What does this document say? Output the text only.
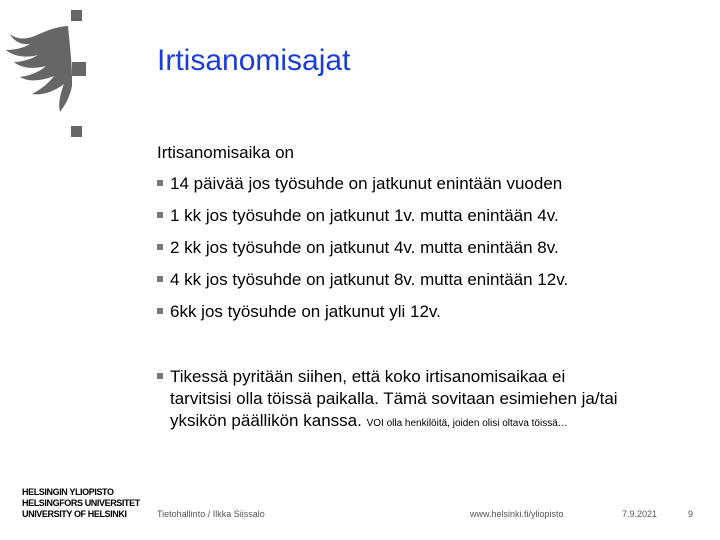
Irtisanomisajat
Irtisanomisaika on
14 päivää jos työsuhde on jatkunut enintään vuoden
1 kk jos työsuhde on jatkunut 1v. mutta enintään 4v.
2 kk jos työsuhde on jatkunut 4v. mutta enintään 8v.
4 kk jos työsuhde on jatkunut 8v. mutta enintään 12v.
6kk jos työsuhde on jatkunut yli 12v.
Tikessä pyritään siihen, että koko irtisanomisaikaa ei
tarvitsisi olla töissä paikalla. Tämä sovitaan esimiehen ja/tai
yksikön päällikön kanssa. VOI olla henkilöitä, joiden olisi oltava töissä…
HELSINGIN YLIOPISTO
HELSINGFORS UNIVERSITET
UNIVERSITY OF HELSINKI	Tietohallinto / Ilkka Siissalo	www.helsinki.fi/yliopisto	7.9.2021	9
